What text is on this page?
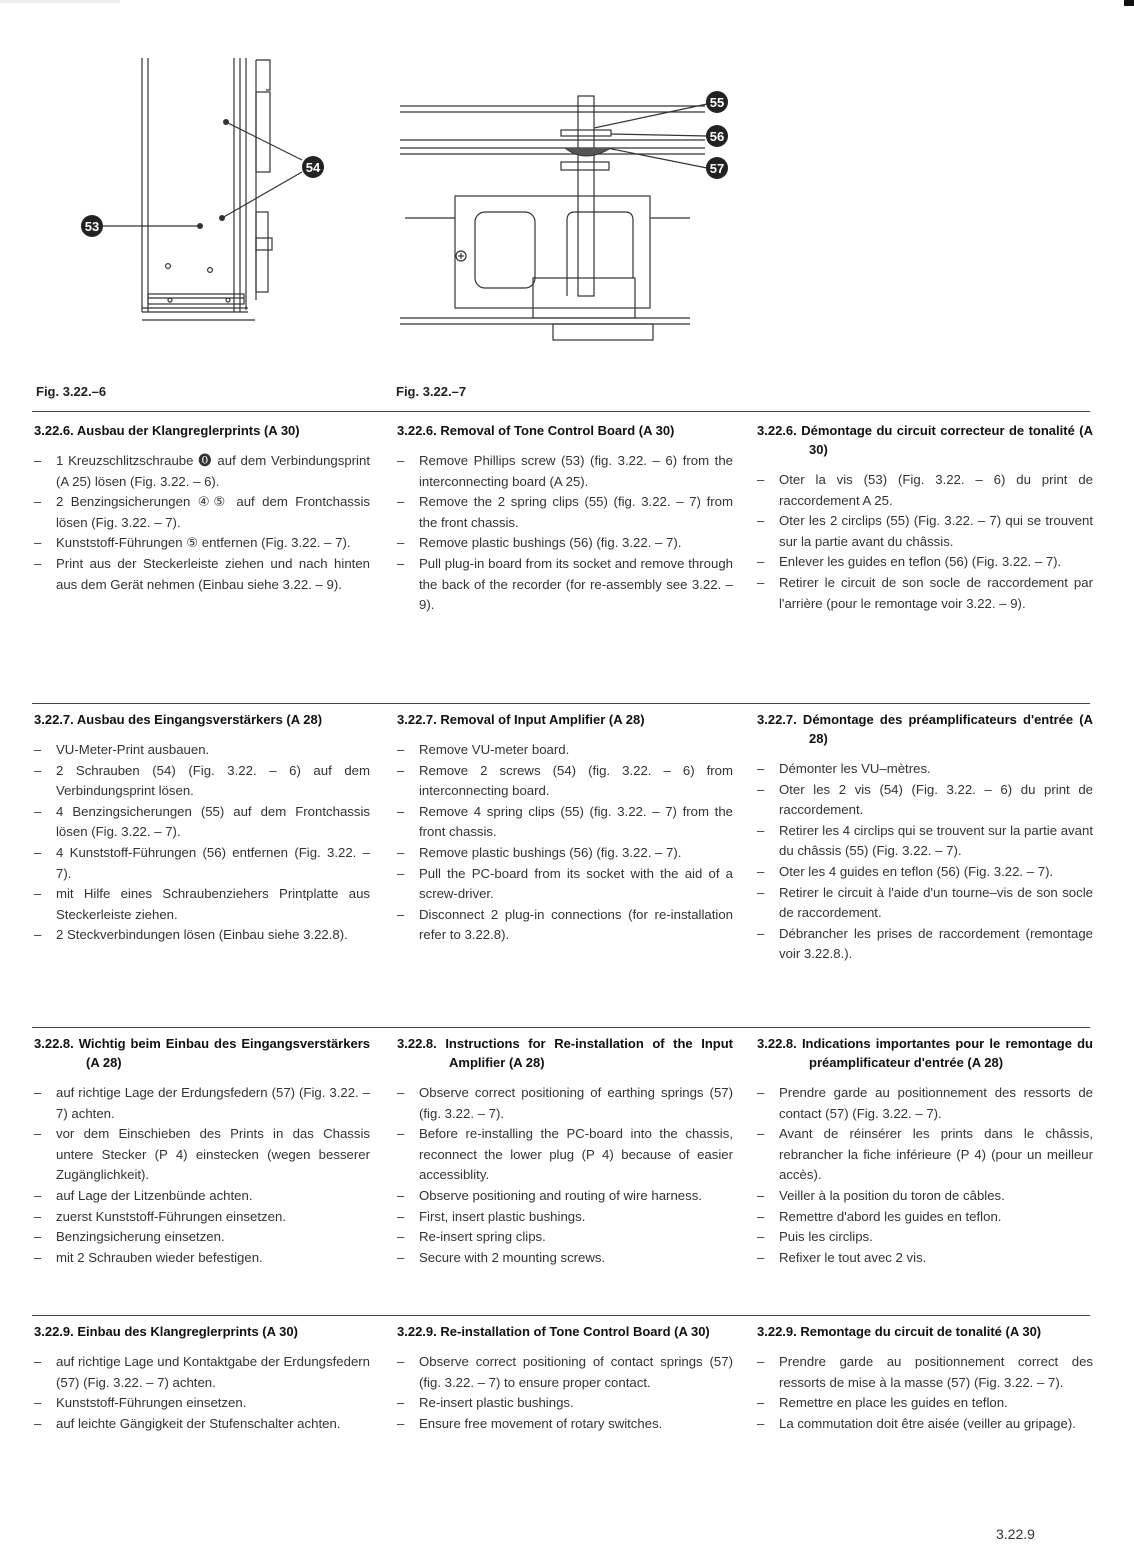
53
54
55
56
57
Fig. 3.22.–6	Fig. 3.22.–7
3.22.6. Ausbau der Klangreglerprints (A 30)
–	1 Kreuzschlitzschraube ⓿ auf dem Verbindungsprint (A 25) lösen (Fig. 3.22. – 6).
–	2 Benzingsicherungen ④⑤ auf dem Frontchassis lösen (Fig. 3.22. – 7).
–	Kunststoff-Führungen ⑤ entfernen (Fig. 3.22. – 7).
–	Print aus der Steckerleiste ziehen und nach hinten aus dem Gerät nehmen (Einbau siehe 3.22. – 9).
3.22.6. Removal of Tone Control Board (A 30)
–	Remove Phillips screw (53) (fig. 3.22. – 6) from the interconnecting board (A 25).
–	Remove the 2 spring clips (55) (fig. 3.22. – 7) from the front chassis.
–	Remove plastic bushings (56) (fig. 3.22. – 7).
–	Pull plug-in board from its socket and remove through the back of the recorder (for re-assembly see 3.22. – 9).
3.22.6. Démontage du circuit correcteur de tonalité (A 30)
–	Oter la vis (53) (Fig. 3.22. – 6) du print de raccordement A 25.
–	Oter les 2 circlips (55) (Fig. 3.22. – 7) qui se trouvent sur la partie avant du châssis.
–	Enlever les guides en teflon (56) (Fig. 3.22. – 7).
–	Retirer le circuit de son socle de raccordement par l'arrière (pour le remontage voir 3.22. – 9).
3.22.7. Ausbau des Eingangsverstärkers (A 28)
–	VU-Meter-Print ausbauen.
–	2 Schrauben (54) (Fig. 3.22. – 6) auf dem Verbindungsprint lösen.
–	4 Benzingsicherungen (55) auf dem Frontchassis lösen (Fig. 3.22. – 7).
–	4 Kunststoff-Führungen (56) entfernen (Fig. 3.22. – 7).
–	mit Hilfe eines Schraubenziehers Printplatte aus Steckerleiste ziehen.
–	2 Steckverbindungen lösen (Einbau siehe 3.22.8).
3.22.7. Removal of Input Amplifier (A 28)
–	Remove VU-meter board.
–	Remove 2 screws (54) (fig. 3.22. – 6) from interconnecting board.
–	Remove 4 spring clips (55) (fig. 3.22. – 7) from the front chassis.
–	Remove plastic bushings (56) (fig. 3.22. – 7).
–	Pull the PC-board from its socket with the aid of a screw-driver.
–	Disconnect 2 plug-in connections (for re-installation refer to 3.22.8).
3.22.7. Démontage des préamplificateurs d'entrée (A 28)
–	Démonter les VU–mètres.
–	Oter les 2 vis (54) (Fig. 3.22. – 6) du print de raccordement.
–	Retirer les 4 circlips qui se trouvent sur la partie avant du châssis (55) (Fig. 3.22. – 7).
–	Oter les 4 guides en teflon (56) (Fig. 3.22. – 7).
–	Retirer le circuit à l'aide d'un tourne–vis de son socle de raccordement.
–	Débrancher les prises de raccordement (remontage voir 3.22.8.).
3.22.8. Wichtig beim Einbau des Eingangsverstärkers (A 28)
–	auf richtige Lage der Erdungsfedern (57) (Fig. 3.22. – 7) achten.
–	vor dem Einschieben des Prints in das Chassis untere Stecker (P 4) einstecken (wegen besserer Zugänglichkeit).
–	auf Lage der Litzenbünde achten.
–	zuerst Kunststoff-Führungen einsetzen.
–	Benzingsicherung einsetzen.
–	mit 2 Schrauben wieder befestigen.
3.22.8. Instructions for Re-installation of the Input Amplifier (A 28)
–	Observe correct positioning of earthing springs (57) (fig. 3.22. – 7).
–	Before re-installing the PC-board into the chassis, reconnect the lower plug (P 4) because of easier accessiblity.
–	Observe positioning and routing of wire harness.
–	First, insert plastic bushings.
–	Re-insert spring clips.
–	Secure with 2 mounting screws.
3.22.8. Indications importantes pour le remontage du préamplificateur d'entrée (A 28)
–	Prendre garde au positionnement des ressorts de contact (57) (Fig. 3.22. – 7).
–	Avant de réinsérer les prints dans le châssis, rebrancher la fiche inférieure (P 4) (pour un meilleur accès).
–	Veiller à la position du toron de câbles.
–	Remettre d'abord les guides en teflon.
–	Puis les circlips.
–	Refixer le tout avec 2 vis.
3.22.9. Einbau des Klangreglerprints (A 30)
–	auf richtige Lage und Kontaktgabe der Erdungsfedern (57) (Fig. 3.22. – 7) achten.
–	Kunststoff-Führungen einsetzen.
–	auf leichte Gängigkeit der Stufenschalter achten.
3.22.9. Re-installation of Tone Control Board (A 30)
–	Observe correct positioning of contact springs (57) (fig. 3.22. – 7) to ensure proper contact.
–	Re-insert plastic bushings.
–	Ensure free movement of rotary switches.
3.22.9. Remontage du circuit de tonalité (A 30)
–	Prendre garde au positionnement correct des ressorts de mise à la masse (57) (Fig. 3.22. – 7).
–	Remettre en place les guides en teflon.
–	La commutation doit être aisée (veiller au gripage).
3.22.9
